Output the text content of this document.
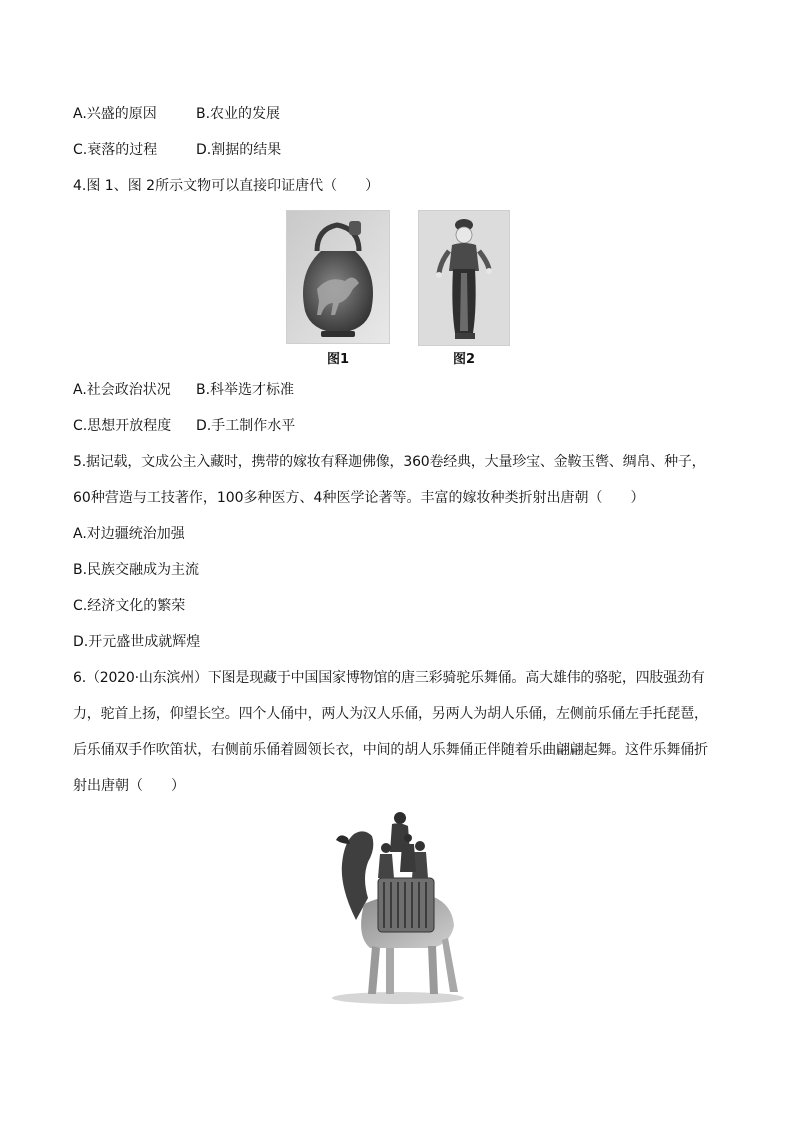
A.兴盛的原因	B.农业的发展
C.衰落的过程	D.割据的结果
4.图 1、图 2所示文物可以直接印证唐代（　　）
图1	图2
A.社会政治状况 B.科举选才标准
C.思想开放程度 D.手工制作水平
5.据记载，文成公主入藏时，携带的嫁妆有释迦佛像，360卷经典，大量珍宝、金鞍玉辔、绸帛、种子，
60种营造与工技著作，100多种医方、4种医学论著等。丰富的嫁妆种类折射出唐朝（　　）
A.对边疆统治加强
B.民族交融成为主流
C.经济文化的繁荣
D.开元盛世成就辉煌
6.（2020·山东滨州）下图是现藏于中国国家博物馆的唐三彩骑驼乐舞俑。高大雄伟的骆驼，四肢强劲有
力，驼首上扬，仰望长空。四个人俑中，两人为汉人乐俑，另两人为胡人乐俑，左侧前乐俑左手托琵琶，
后乐俑双手作吹笛状，右侧前乐俑着圆领长衣，中间的胡人乐舞俑正伴随着乐曲翩翩起舞。这件乐舞俑折
射出唐朝（　　）
